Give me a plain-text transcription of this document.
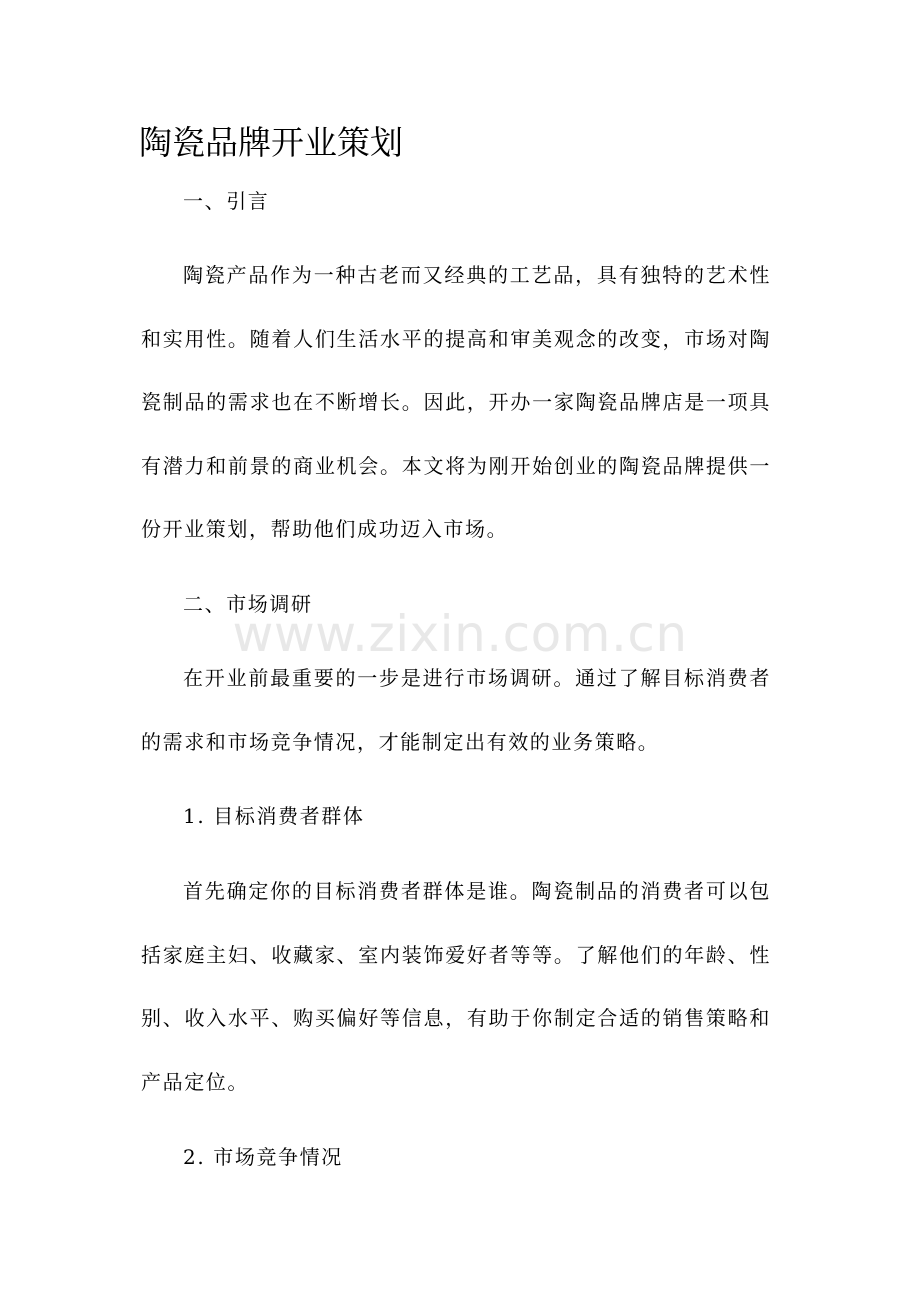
陶瓷品牌开业策划
一、引言

陶瓷产品作为一种古老而又经典的工艺品，具有独特的艺术性和实用性。随着人们生活水平的提高和审美观念的改变，市场对陶瓷制品的需求也在不断增长。因此，开办一家陶瓷品牌店是一项具有潜力和前景的商业机会。本文将为刚开始创业的陶瓷品牌提供一份开业策划，帮助他们成功迈入市场。

二、市场调研

在开业前最重要的一步是进行市场调研。通过了解目标消费者的需求和市场竞争情况，才能制定出有效的业务策略。

1. 目标消费者群体

首先确定你的目标消费者群体是谁。陶瓷制品的消费者可以包括家庭主妇、收藏家、室内装饰爱好者等等。了解他们的年龄、性别、收入水平、购买偏好等信息，有助于你制定合适的销售策略和产品定位。

2. 市场竞争情况
www.zixin.com.cn
